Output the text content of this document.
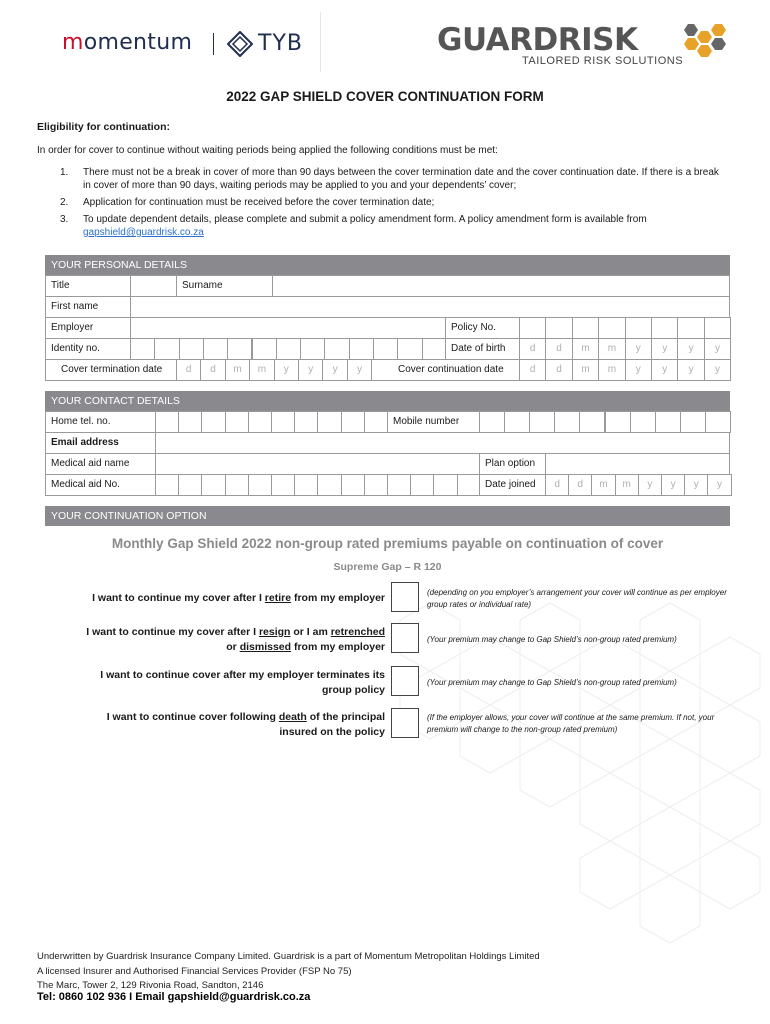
momentum	TYB	GUARDRISK
TAILORED RISK SOLUTIONS
2022 GAP SHIELD COVER CONTINUATION FORM
Eligibility for continuation:
In order for cover to continue without waiting periods being applied the following conditions must be met:
1. There must not be a break in cover of more than 90 days between the cover termination date and the cover continuation date. If there is a break in cover of more than 90 days, waiting periods may be applied to you and your dependents’ cover;
2. Application for continuation must be received before the cover termination date;
3. To update dependent details, please complete and submit a policy amendment form. A policy amendment form is available from
gapshield@guardrisk.co.za
YOUR PERSONAL DETAILS
Title	Surname
First name
Employer	Policy No.
Identity no.	Date of birth	d	d	m	m	y	y	y	y
Cover termination date	d	d	m	m	y	y	y	y	Cover continuation date	d	d	m	m	y	y	y	y
YOUR CONTACT DETAILS
Home tel. no.	Mobile number
Email address
Medical aid name	Plan option
Medical aid No.	Date joined	d	d	m	m	y	y	y	y
YOUR CONTINUATION OPTION
Monthly Gap Shield 2022 non-group rated premiums payable on continuation of cover
Supreme Gap – R 120
I want to continue my cover after I retire from my employer	(depending on you employer’s arrangement your cover will continue as per employer group rates or individual rate)
I want to continue my cover after I resign or I am retrenched
or dismissed from my employer
(Your premium may change to Gap Shield’s non-group rated premium)
I want to continue cover after my employer terminates its
group policy
(Your premium may change to Gap Shield’s non-group rated premium)
I want to continue cover following death of the principal
insured on the policy
(If the employer allows, your cover will continue at the same premium. If not, your premium will change to the non-group rated premium)
Underwritten by Guardrisk Insurance Company Limited. Guardrisk is a part of Momentum Metropolitan Holdings Limited
A licensed Insurer and Authorised Financial Services Provider (FSP No 75)
The Marc, Tower 2, 129 Rivonia Road, Sandton, 2146
Tel: 0860 102 936 I Email gapshield@guardrisk.co.za
